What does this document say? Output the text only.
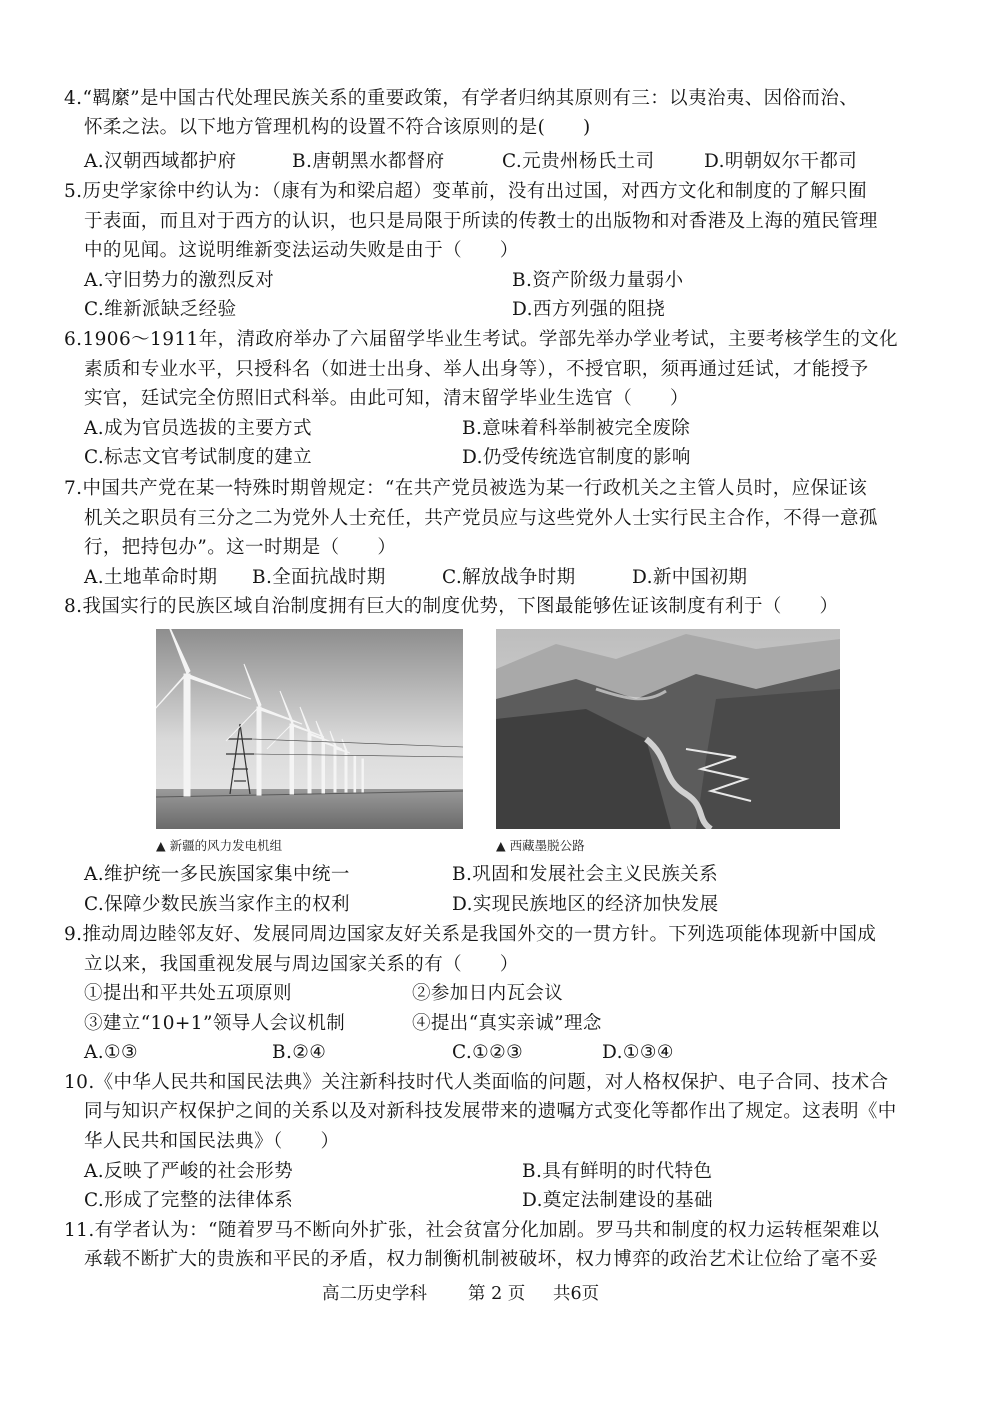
4.“羁縻”是中国古代处理民族关系的重要政策，有学者归纳其原则有三：以夷治夷、因俗而治、
怀柔之法。以下地方管理机构的设置不符合该原则的是(　　)
A.汉朝西域都护府	B.唐朝黑水都督府	C.元贵州杨氏土司	D.明朝奴尔干都司
5.历史学家徐中约认为：（康有为和梁启超）变革前，没有出过国，对西方文化和制度的了解只囿
于表面，而且对于西方的认识，也只是局限于所读的传教士的出版物和对香港及上海的殖民管理
中的见闻。这说明维新变法运动失败是由于（　　）
A.守旧势力的激烈反对	B.资产阶级力量弱小
C.维新派缺乏经验	D.西方列强的阻挠
6.1906～1911年，清政府举办了六届留学毕业生考试。学部先举办学业考试，主要考核学生的文化
素质和专业水平，只授科名（如进士出身、举人出身等），不授官职，须再通过廷试，才能授予
实官，廷试完全仿照旧式科举。由此可知，清末留学毕业生选官（　　）
A.成为官员选拔的主要方式	B.意味着科举制被完全废除
C.标志文官考试制度的建立	D.仍受传统选官制度的影响
7.中国共产党在某一特殊时期曾规定：“在共产党员被选为某一行政机关之主管人员时，应保证该
机关之职员有三分之二为党外人士充任，共产党员应与这些党外人士实行民主合作，不得一意孤
行，把持包办”。这一时期是（　　）
A.土地革命时期 B.全面抗战时期	C.解放战争时期	D.新中国初期
8.我国实行的民族区域自治制度拥有巨大的制度优势，下图最能够佐证该制度有利于（　　）
▲ 新疆的风力发电机组	▲ 西藏墨脱公路
A.维护统一多民族国家集中统一	B.巩固和发展社会主义民族关系
C.保障少数民族当家作主的权利	D.实现民族地区的经济加快发展
9.推动周边睦邻友好、发展同周边国家友好关系是我国外交的一贯方针。下列选项能体现新中国成
立以来，我国重视发展与周边国家关系的有（　　）
①提出和平共处五项原则	②参加日内瓦会议
③建立“10+1”领导人会议机制	④提出“真实亲诚”理念
A.①③	B.②④	C.①②③	D.①③④
10.《中华人民共和国民法典》关注新科技时代人类面临的问题，对人格权保护、电子合同、技术合
同与知识产权保护之间的关系以及对新科技发展带来的遗嘱方式变化等都作出了规定。这表明《中
华人民共和国民法典》（　　）
A.反映了严峻的社会形势	B.具有鲜明的时代特色
C.形成了完整的法律体系	D.奠定法制建设的基础
11.有学者认为：“随着罗马不断向外扩张，社会贫富分化加剧。罗马共和制度的权力运转框架难以
承载不断扩大的贵族和平民的矛盾，权力制衡机制被破坏，权力博弈的政治艺术让位给了毫不妥
高二历史学科 第 2 页 共6页
